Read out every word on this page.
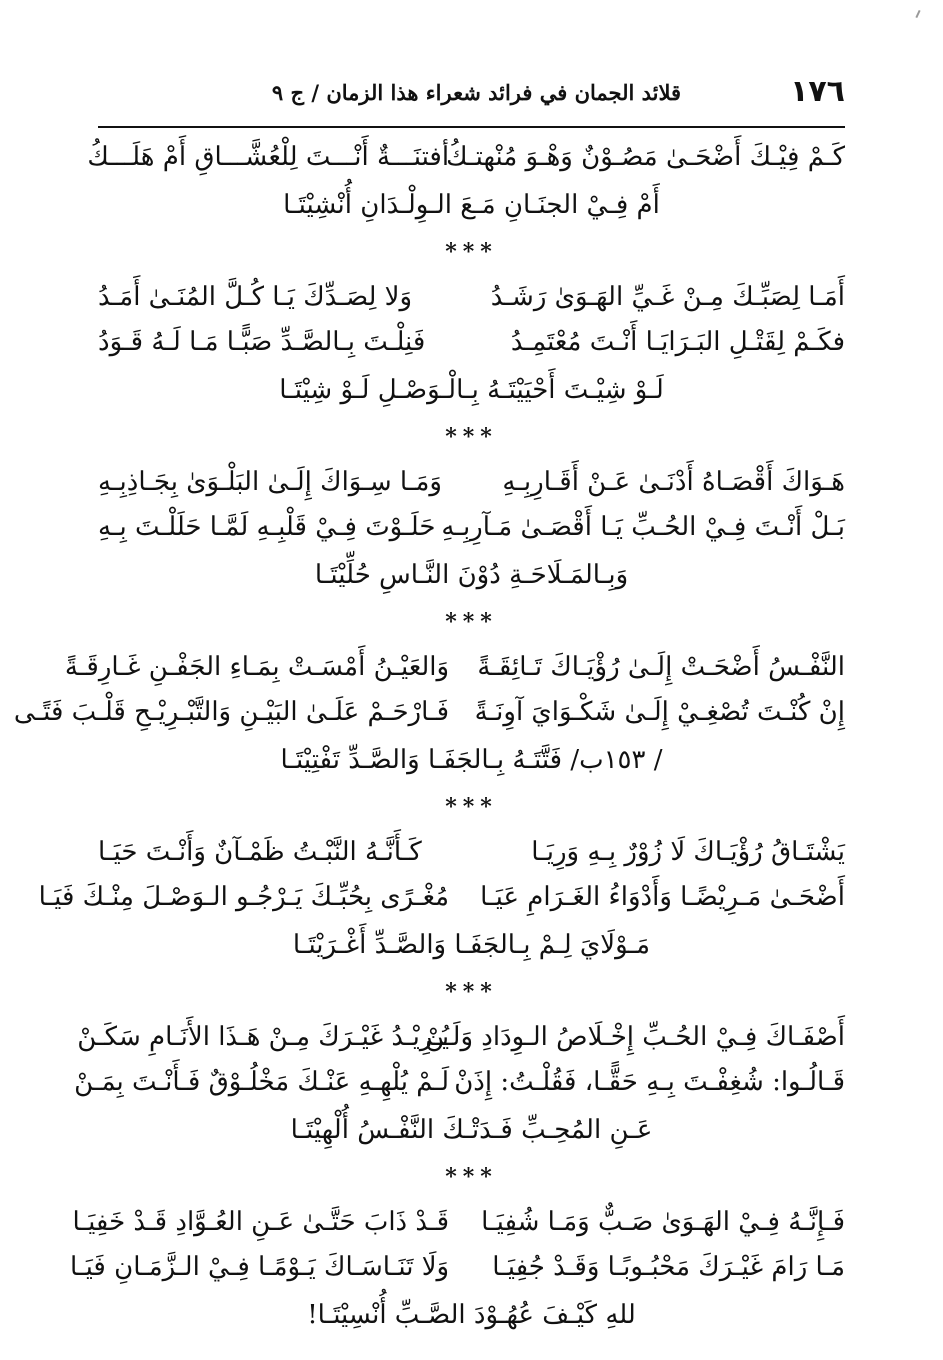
١٧٦
قلائد الجمان في فرائد شعراء هذا الزمان / ج ٩
كَـمْ فِيْـكَ أَضْحَـىٰ مَصُـوْنٌ وَهْـوَ مُنْهتـكُ
أفتنَـــةٌ أَنْـــتَ لِلْعُشَّـــاقِ أَمْ هَلَـــكُ
أَمْ فِـيْ الجنَـانِ مَـعَ الـوِلْـدَانِ أُنْشِيْتَـا
***
أَمَـا لِصَبِّـكَ مِـنْ غَـيِّ الهَـوَىٰ رَشَـدُ
وَلا لِصَـدِّكَ يَـا كُـلَّ المُنَـىٰ أَمَـدُ
فكَـمْ لِقَتْـلِ البَـرَايَـا أَنْـتَ مُعْتَمِـدُ
فَنِلْـتَ بِـالصَّـدِّ صَبًّـا مَـا لَـهُ قَـوَدُ
لَـوْ شِيْـتَ أَحْيَيْتَـهُ بِـالْـوَصْـلِ لَـوْ شِيْتَـا
***
هَـوَاكَ أَقْصَـاهُ أَدْنَـىٰ عَـنْ أَقَـارِبِـهِ
وَمَـا سِـوَاكَ إِلَـىٰ البَلْـوَىٰ بِجَـاذِبِـهِ
بَـلْ أَنْـتَ فِـيْ الحُـبِّ يَـا أَقْصَـىٰ مَـآرِبِـهِ
حَلَـوْتَ فِـيْ قَلْبِـهِ لَمَّـا حَلَلْـتَ بِـهِ
وَبِـالمَـلَاحَـةِ دُوْنَ النَّـاسِ حُلِّيْتَـا
***
النَّفْـسُ أَضْحَـتْ إِلَـىٰ رُؤْيَـاكَ تَـائِقَـةً
وَالعَيْـنُ أَمْسَـتْ بِمَـاءِ الجَفْـنِ غَـارِقَـةً
إِنْ كُنْـتَ تُصْغِـيْ إِلَـىٰ شَكْـوَايَ آوِنَـةً
فَـارْحَـمْ عَلَـىٰ البَيْـنِ وَالتَّبْـرِيْـحِ قَلْـبَ فَتًـى
/ ١٥٣ب/ فَتَّتَـهُ بِـالجَفَـا وَالصَّـدِّ تَفْتِيْتَـا
***
يَشْتَـاقُ رُؤْيَـاكَ لَا زُوْرٌ بِـهِ وَرِيَـا
كَـأَنَّـهُ النَّبْـتُ ظَمْـآنٌ وَأَنْـتَ حَيَـا
أَضْحَـىٰ مَـرِيْضًـا وَأَدْوَاءُ الغَـرَامِ عَيَـا
مُغْـرًى بِحُبِّـكَ يَـرْجُـو الـوَصْـلَ مِنْـكَ فَيَـا
مَـوْلَايَ لِـمْ بِـالجَفَـا وَالصَّـدِّ أَغْـرَيْتَـا
***
أَصْفَـاكَ فِـيْ الحُـبِّ إِخْـلَاصُ الـوِدَادِ وَلَـنْ
يُـرِيْـدُ غَيْـرَكَ مِـنْ هَـذَا الأَنَـامِ سَكَـنْ
قَـالُـوا: شُغِفْـتَ بِـهِ حَقًّـا، فَقُلْـتُ: إِذَنْ
لَـمْ يُلْهِـهِ عَنْـكَ مَخْلُـوْقٌ فَـأَنْـتَ بِمَـنْ
عَـنِ المُحِـبِّ فَـدَتْـكَ النَّفْـسُ أُلْهِيْتَـا
***
فَـإِنَّـهُ فِـيْ الهَـوَىٰ صَـبٌّ وَمَـا شُفِيَـا
قَـدْ ذَابَ حَتَّـىٰ عَـنِ العُـوَّادِ قَـدْ خَفِيَـا
مَـا رَامَ غَيْـرَكَ مَحْبُـوبًـا وَقَـدْ جُفِيَـا
وَلَا تَنَـاسَـاكَ يَـوْمًـا فِـيْ الـزَّمَـانِ فَيَـا
للهِ كَيْـفَ عُهُـوْدَ الصَّـبِّ أُنْسِيْتَـا!
